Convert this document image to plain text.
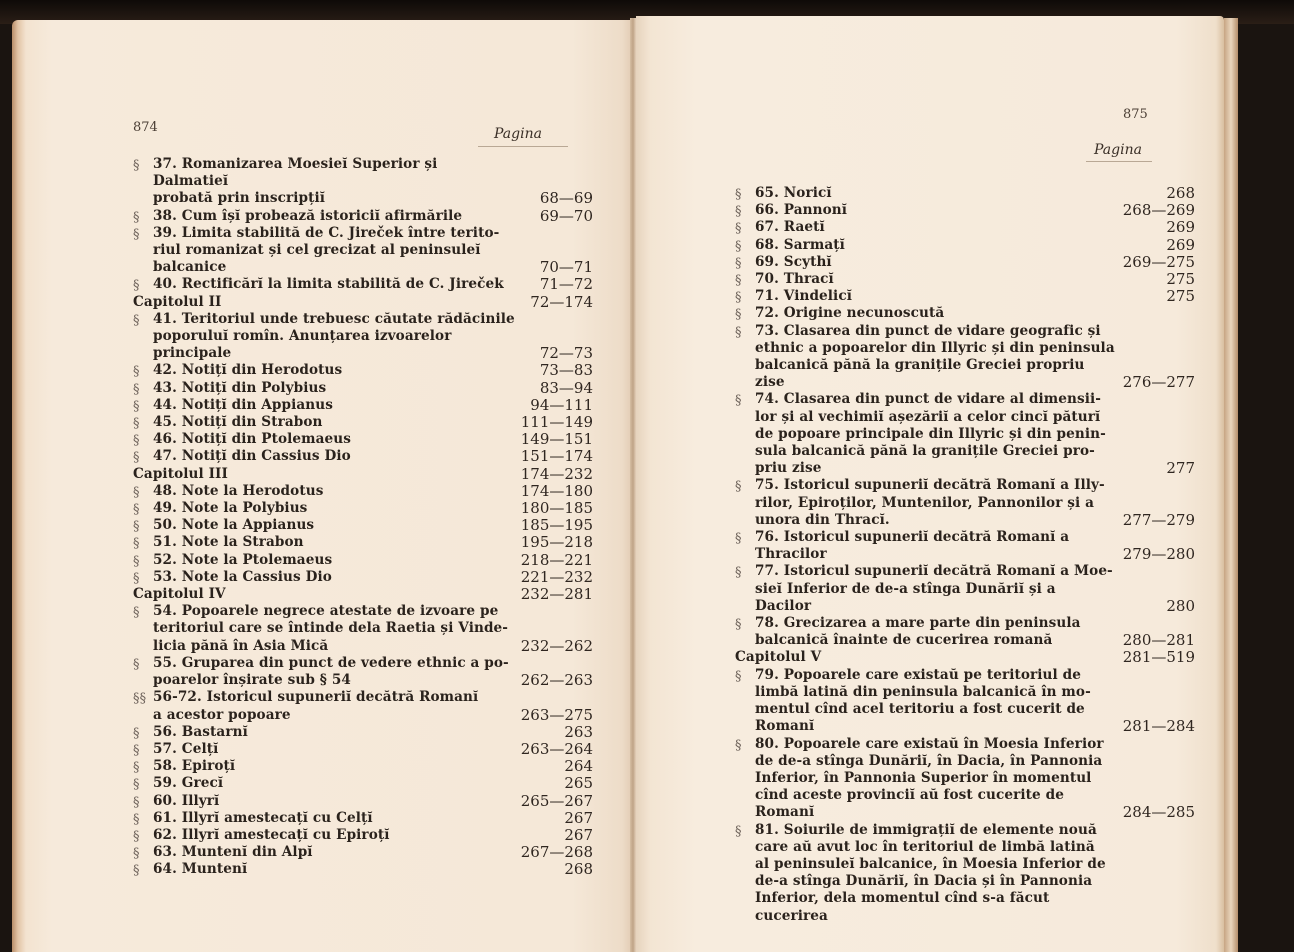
874	Pagina
§ 37. Romanizarea Moesieĭ Superior și Dalmatieĭ
probată prin inscripțiĭ	68—69
§ 38. Cum îșĭ probează istoriciĭ afirmările	69—70
§ 39. Limita stabilită de C. Jireček între terito-
riul romanizat și cel grecizat al peninsuleĭ
balcanice	70—71
§ 40. Rectificărĭ la limita stabilită de C. Jireček	71—72
Capitolul II	72—174
§ 41. Teritoriul unde trebuesc căutate rădăcinile
poporuluĭ romîn. Anunțarea izvoarelor principale	72—73
§ 42. Notițĭ din Herodotus	73—83
§ 43. Notițĭ din Polybius	83—94
§ 44. Notițĭ din Appianus	94—111
§ 45. Notițĭ din Strabon	111—149
§ 46. Notițĭ din Ptolemaeus	149—151
§ 47. Notițĭ din Cassius Dio	151—174
Capitolul III	174—232
§ 48. Note la Herodotus	174—180
§ 49. Note la Polybius	180—185
§ 50. Note la Appianus	185—195
§ 51. Note la Strabon	195—218
§ 52. Note la Ptolemaeus	218—221
§ 53. Note la Cassius Dio	221—232
Capitolul IV	232—281
§ 54. Popoarele negrece atestate de izvoare pe
teritoriul care se întinde dela Raetia și Vinde-
licia pănă în Asia Mică	232—262
§ 55. Gruparea din punct de vedere ethnic a po-
poarelor înșirate sub § 54	262—263
§§ 56-72. Istoricul supuneriĭ decătră Romanĭ
a acestor popoare	263—275
§ 56. Bastarnĭ	263
§ 57. Celțĭ	263—264
§ 58. Epirоțĭ	264
§ 59. Grecĭ	265
§ 60. Illyrĭ	265—267
§ 61. Illyrĭ amestecațĭ cu Celțĭ	267
§ 62. Illyrĭ amestecațĭ cu Epirоțĭ	267
§ 63. Muntenĭ din Alpĭ	267—268
§ 64. Muntenĭ	268
875
Pagina
§ 65. Noricĭ	268
§ 66. Pannonĭ	268—269
§ 67. Raetĭ	269
§ 68. Sarmațĭ	269
§ 69. Scythĭ	269—275
§ 70. Thracĭ	275
§ 71. Vindelicĭ	275
§ 72. Origine necunoscută
§ 73. Clasarea din punct de vidare geografic și
ethnic a popoarelor din Illyric și din peninsula
balcanică pănă la granițile Greciei propriu zise	276—277
§ 74. Clasarea din punct de vidare al dimensii-
lor și al vechimiĭ așezăriĭ a celor cincĭ păturĭ
de popoare principale din Illyric și din penin-
sula balcanică pănă la granițile Greciei pro-
priu zise	277
§ 75. Istoricul supuneriĭ decătră Romanĭ a Illy-
rilor, Epiroților, Muntenilor, Pannonilor și a
unora din Thracĭ.	277—279
§ 76. Istoricul supuneriĭ decătră Romanĭ a
Thracilor	279—280
§ 77. Istoricul supuneriĭ decătră Romanĭ a Moe-
sieĭ Inferior de de-a stînga Dunăriĭ și a
Dacilor	280
§ 78. Grecizarea a mare parte din peninsula
balcanică înainte de cucerirea romană	280—281
Capitolul V	281—519
§ 79. Popoarele care existaŭ pe teritoriul de
limbă latină din peninsula balcanică în mo-
mentul cînd acel teritoriu a fost cucerit de
Romanĭ	281—284
§ 80. Popoarele care existaŭ în Moesia Inferior
de de-a stînga Dunăriĭ, în Dacia, în Pannonia
Inferior, în Pannonia Superior în momentul
cînd aceste provinciĭ aŭ fost cucerite de Romanĭ	284—285
§ 81. Soiurile de immigrațiĭ de elemente nouă
care aŭ avut loc în teritoriul de limbă latină
al peninsuleĭ balcanice, în Moesia Inferior de
de-a stînga Dunăriĭ, în Dacia și în Pannonia
Inferior, dela momentul cînd s-a făcut cucerirea
